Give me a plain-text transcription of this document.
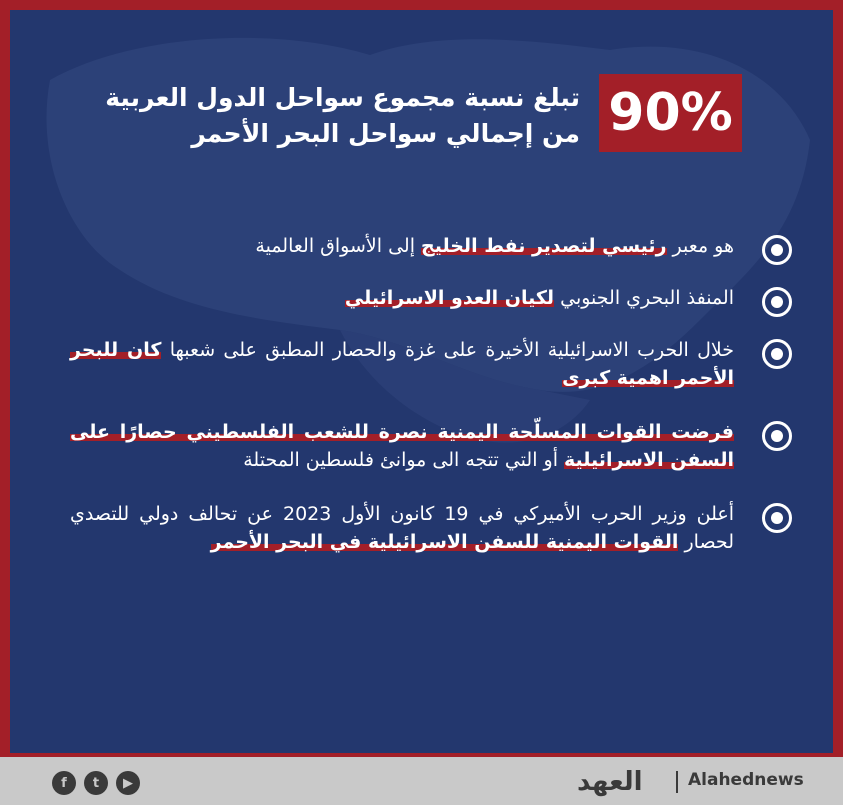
90%
تبلغ نسبة مجموع سواحل الدول العربية
من إجمالي سواحل البحر الأحمر
هو معبر رئيسي لتصدير نفط الخليج إلى الأسواق العالمية
المنفذ البحري الجنوبي لكيان العدو الاسرائيلي
خلال الحرب الاسرائيلية الأخيرة على غزة والحصار المطبق على شعبها كان للبحر الأحمر اهمية كبرى
فرضت القوات المسلّحة اليمنية نصرة للشعب الفلسطيني حصارًا على السفن الاسرائيلية أو التي تتجه الى موانئ فلسطين المحتلة
أعلن وزير الحرب الأميركي في 19 كانون الأول 2023 عن تحالف دولي للتصدي لحصار القوات اليمنية للسفن الاسرائيلية في البحر الأحمر
f	t	▶	العهد	Alahednews
